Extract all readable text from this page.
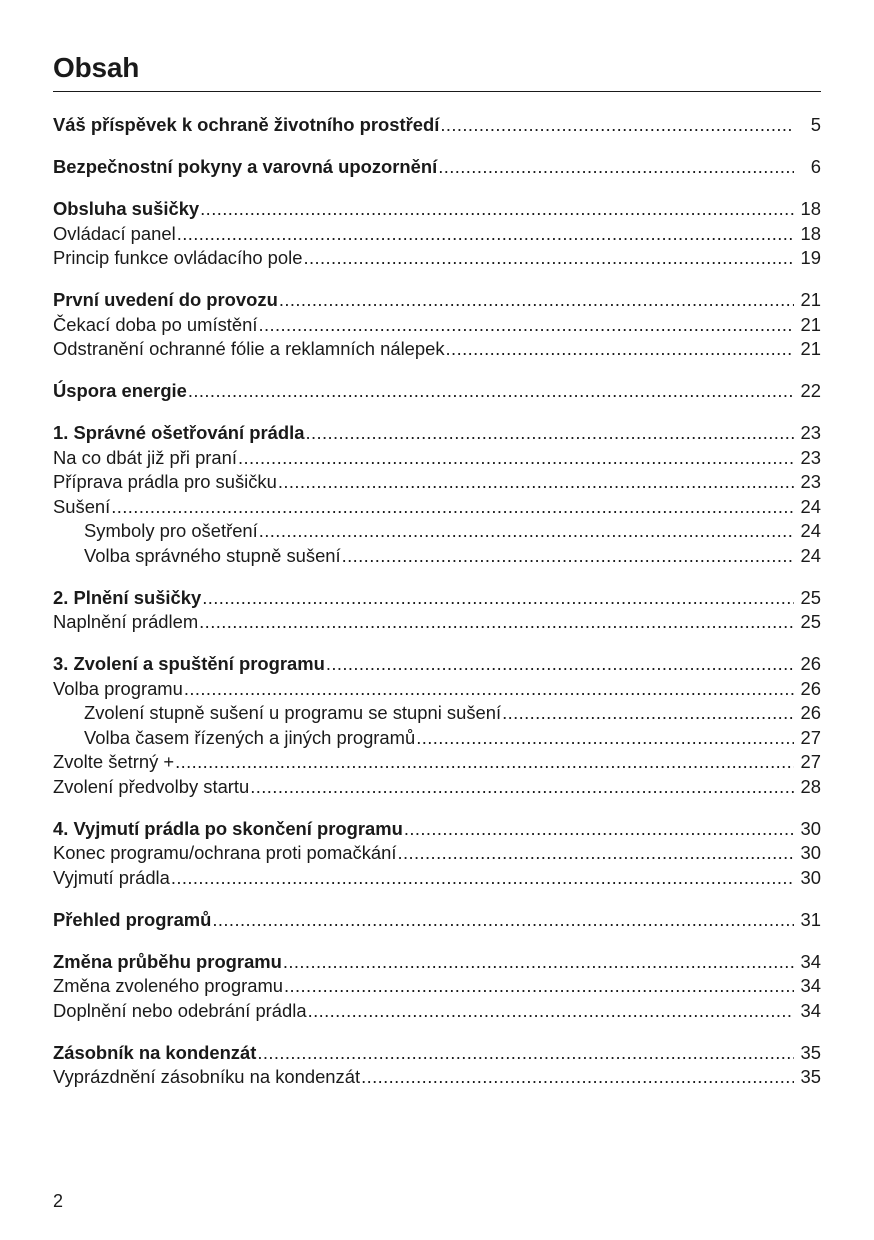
Obsah
Váš příspěvek k ochraně životního prostředí .....	5
Bezpečnostní pokyny a varovná upozornění .....	6
Obsluha sušičky .....	18
Ovládací panel .....	18
Princip funkce ovládacího pole .....	19
První uvedení do provozu .....	21
Čekací doba po umístění .....	21
Odstranění ochranné fólie a reklamních nálepek .....	21
Úspora energie .....	22
1. Správné ošetřování prádla .....	23
Na co dbát již při praní .....	23
Příprava prádla pro sušičku .....	23
Sušení .....	24
Symboly pro ošetření .....	24
Volba správného stupně sušení .....	24
2. Plnění sušičky .....	25
Naplnění prádlem .....	25
3. Zvolení a spuštění programu .....	26
Volba programu .....	26
Zvolení stupně sušení u programu se stupni sušení .....	26
Volba časem řízených a jiných programů .....	27
Zvolte šetrný + .....	27
Zvolení předvolby startu .....	28
4. Vyjmutí prádla po skončení programu .....	30
Konec programu/ochrana proti pomačkání .....	30
Vyjmutí prádla .....	30
Přehled programů .....	31
Změna průběhu programu .....	34
Změna zvoleného programu .....	34
Doplnění nebo odebrání prádla .....	34
Zásobník na kondenzát .....	35
Vyprázdnění zásobníku na kondenzát .....	35
2
